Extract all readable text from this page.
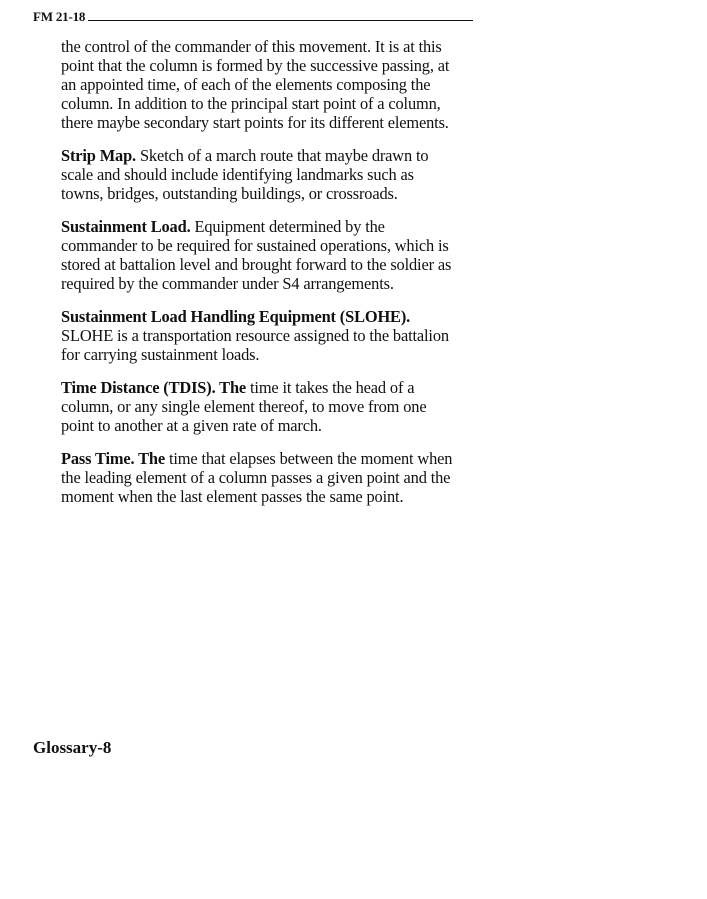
FM 21-18

the control of the commander of this movement. It is at this point that the column is formed by the successive passing, at an appointed time, of each of the elements composing the column. In addition to the principal start point of a column, there maybe secondary start points for its different elements.

Strip Map. Sketch of a march route that maybe drawn to scale and should include identifying landmarks such as towns, bridges, outstanding buildings, or crossroads.

Sustainment Load. Equipment determined by the commander to be required for sustained operations, which is stored at battalion level and brought forward to the soldier as required by the commander under S4 arrangements.

Sustainment Load Handling Equipment (SLOHE). SLOHE is a transportation resource assigned to the battalion for carrying sustainment loads.

Time Distance (TDIS). The time it takes the head of a column, or any single element thereof, to move from one point to another at a given rate of march.

Pass Time. The time that elapses between the moment when the leading element of a column passes a given point and the moment when the last element passes the same point.

Glossary-8
